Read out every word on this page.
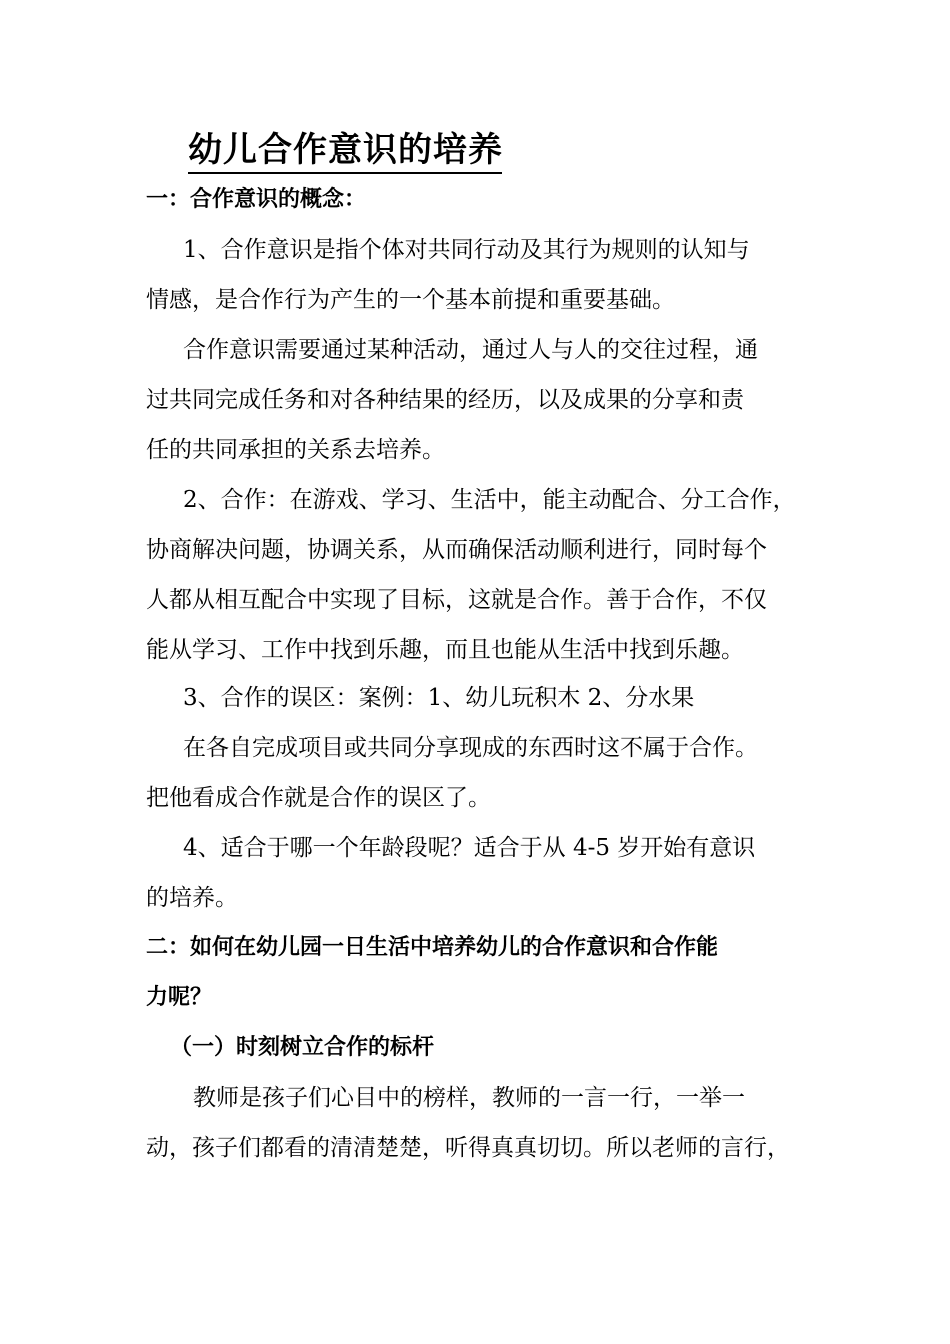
幼儿合作意识的培养
一：合作意识的概念：
1、合作意识是指个体对共同行动及其行为规则的认知与
情感，是合作行为产生的一个基本前提和重要基础。
合作意识需要通过某种活动，通过人与人的交往过程，通
过共同完成任务和对各种结果的经历，以及成果的分享和责
任的共同承担的关系去培养。
2、合作：在游戏、学习、生活中，能主动配合、分工合作，
协商解决问题，协调关系，从而确保活动顺利进行，同时每个
人都从相互配合中实现了目标，这就是合作。善于合作，不仅
能从学习、工作中找到乐趣，而且也能从生活中找到乐趣。
3、合作的误区：案例：1、幼儿玩积木 2、分水果
在各自完成项目或共同分享现成的东西时这不属于合作。
把他看成合作就是合作的误区了。
4、适合于哪一个年龄段呢？适合于从 4-5 岁开始有意识
的培养。
二：如何在幼儿园一日生活中培养幼儿的合作意识和合作能
力呢？
（一）时刻树立合作的标杆
教师是孩子们心目中的榜样，教师的一言一行，一举一
动，孩子们都看的清清楚楚，听得真真切切。所以老师的言行，
